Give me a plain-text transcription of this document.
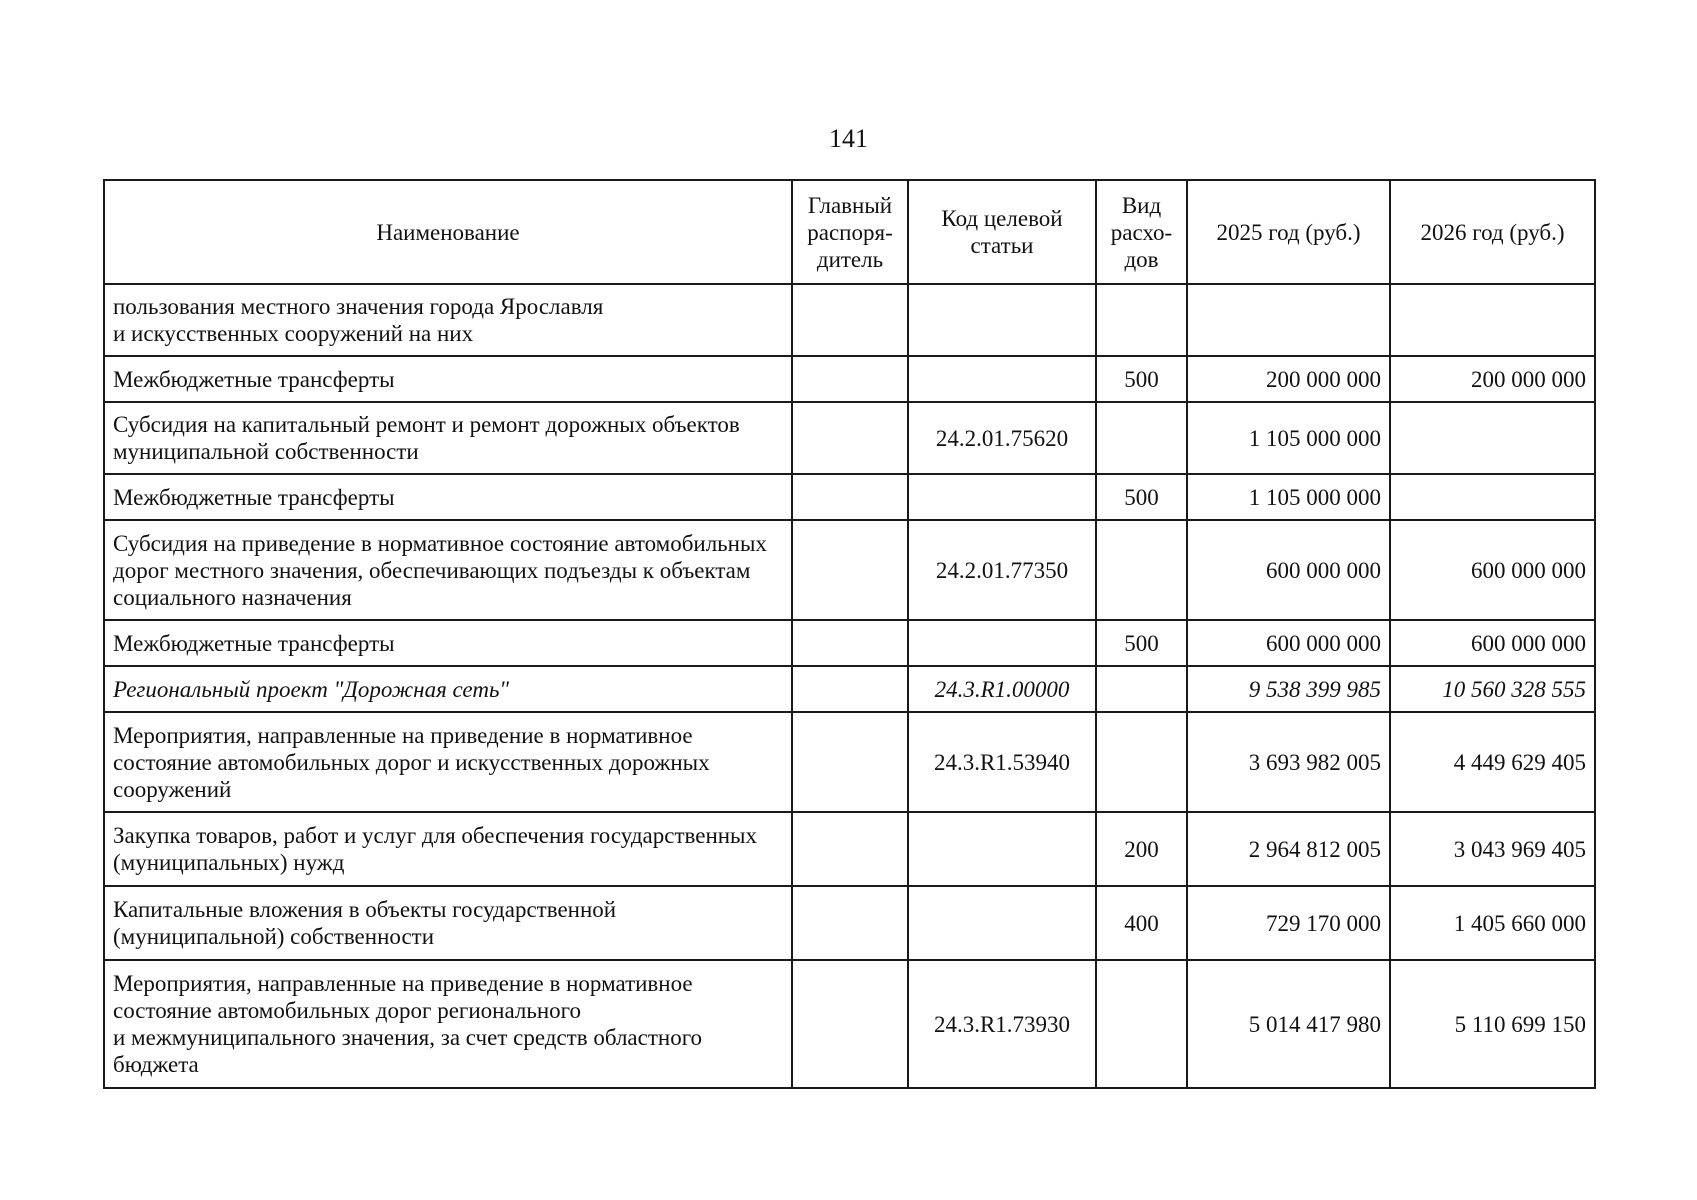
141
Наименование	Главный распоря-дитель	Код целевой статьи	Вид расхо-дов	2025 год (руб.)	2026 год (руб.)

пользования местного значения города Ярославля
и искусственных сооружений на них					

Межбюджетные трансферты			500	200 000 000	200 000 000

Субсидия на капитальный ремонт и ремонт дорожных объектов муниципальной собственности		24.2.01.75620		1 105 000 000	

Межбюджетные трансферты			500	1 105 000 000	

Субсидия на приведение в нормативное состояние автомобильных дорог местного значения, обеспечивающих подъезды к объектам социального назначения		24.2.01.77350		600 000 000	600 000 000

Межбюджетные трансферты			500	600 000 000	600 000 000

Региональный проект "Дорожная сеть"		24.3.R1.00000		9 538 399 985	10 560 328 555

Мероприятия, направленные на приведение в нормативное состояние автомобильных дорог и искусственных дорожных сооружений		24.3.R1.53940		3 693 982 005	4 449 629 405

Закупка товаров, работ и услуг для обеспечения государственных (муниципальных) нужд			200	2 964 812 005	3 043 969 405

Капитальные вложения в объекты государственной (муниципальной) собственности			400	729 170 000	1 405 660 000

Мероприятия, направленные на приведение в нормативное состояние автомобильных дорог регионального
и межмуниципального значения, за счет средств областного бюджета		24.3.R1.73930		5 014 417 980	5 110 699 150
